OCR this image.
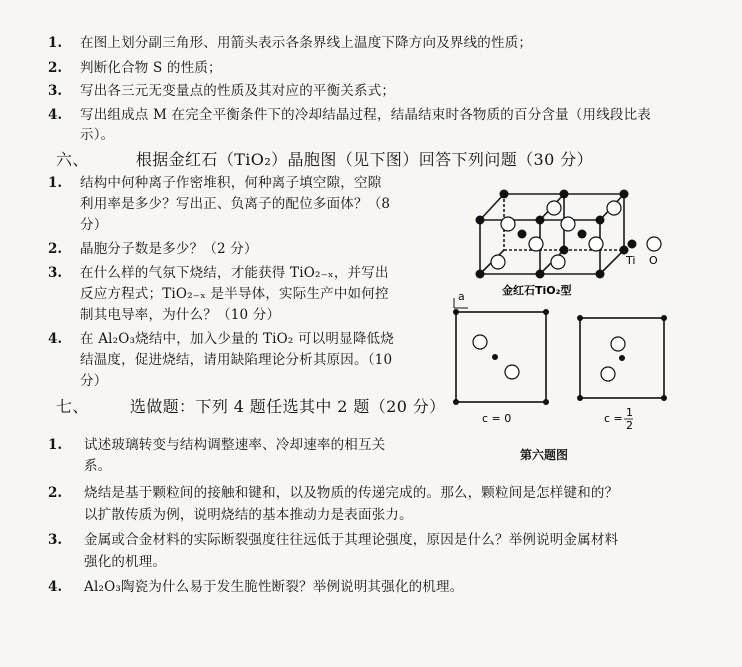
1. 在图上划分副三角形、用箭头表示各条界线上温度下降方向及界线的性质；
2. 判断化合物 S 的性质；
3. 写出各三元无变量点的性质及其对应的平衡关系式；
4. 写出组成点 M 在完全平衡条件下的冷却结晶过程，结晶结束时各物质的百分含量（用线段比表
示）。
六、	根据金红石（TiO₂）晶胞图（见下图）回答下列问题（30 分）
1. 结构中何种离子作密堆积，何种离子填空隙，空隙
利用率是多少？写出正、负离子的配位多面体？（8
分）
2. 晶胞分子数是多少？（2 分）
3. 在什么样的气氛下烧结，才能获得 TiO₂₋ₓ，并写出
反应方程式；TiO₂₋ₓ 是半导体，实际生产中如何控
制其电导率，为什么？（10 分）
4. 在 Al₂O₃烧结中，加入少量的 TiO₂ 可以明显降低烧
结温度，促进烧结，请用缺陷理论分析其原因。（10
分）
七、	选做题：下列 4 题任选其中 2 题（20 分）
1. 试述玻璃转变与结构调整速率、冷却速率的相互关
系。
2. 烧结是基于颗粒间的接触和键和，以及物质的传递完成的。那么，颗粒间是怎样键和的？
以扩散传质为例，说明烧结的基本推动力是表面张力。
3. 金属或合金材料的实际断裂强度往往远低于其理论强度，原因是什么？举例说明金属材料
强化的机理。
4. Al₂O₃陶瓷为什么易于发生脆性断裂？举例说明其强化的机理。
Ti O
金红石TiO₂型
a
c = 0	c = 1
2
第六题图
